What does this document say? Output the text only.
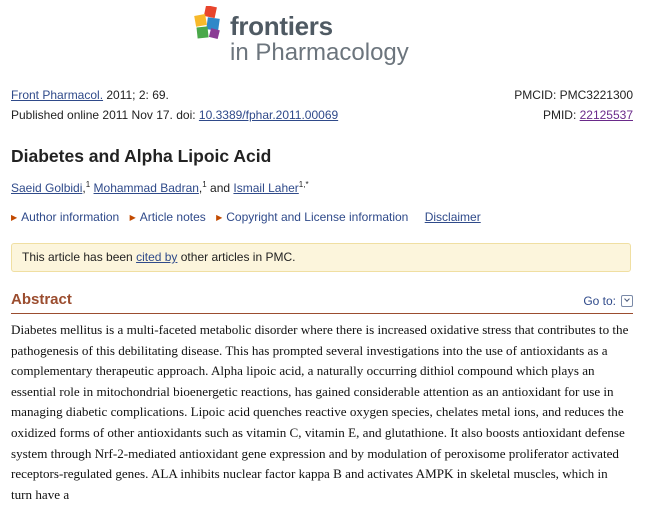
frontiers
in Pharmacology
Front Pharmacol. 2011; 2: 69.	PMCID: PMC3221300
Published online 2011 Nov 17. doi: 10.3389/fphar.2011.00069	PMID: 22125537
Diabetes and Alpha Lipoic Acid
Saeid Golbidi,$^1$ Mohammad Badran,$^1$ and Ismail Laher$^{1,*}$
▶ Author information ▶ Article notes ▶ Copyright and License information Disclaimer
This article has been cited by other articles in PMC.
Abstract	Go to:

Diabetes mellitus is a multi-faceted metabolic disorder where there is increased oxidative stress that contributes to the pathogenesis of this debilitating disease. This has prompted several investigations into the use of antioxidants as a complementary therapeutic approach. Alpha lipoic acid, a naturally occurring dithiol compound which plays an essential role in mitochondrial bioenergetic reactions, has gained considerable attention as an antioxidant for use in managing diabetic complications. Lipoic acid quenches reactive oxygen species, chelates metal ions, and reduces the oxidized forms of other antioxidants such as vitamin C, vitamin E, and glutathione. It also boosts antioxidant defense system through Nrf-2-mediated antioxidant gene expression and by modulation of peroxisome proliferator activated receptors-regulated genes. ALA inhibits nuclear factor kappa B and activates AMPK in skeletal muscles, which in turn have a
